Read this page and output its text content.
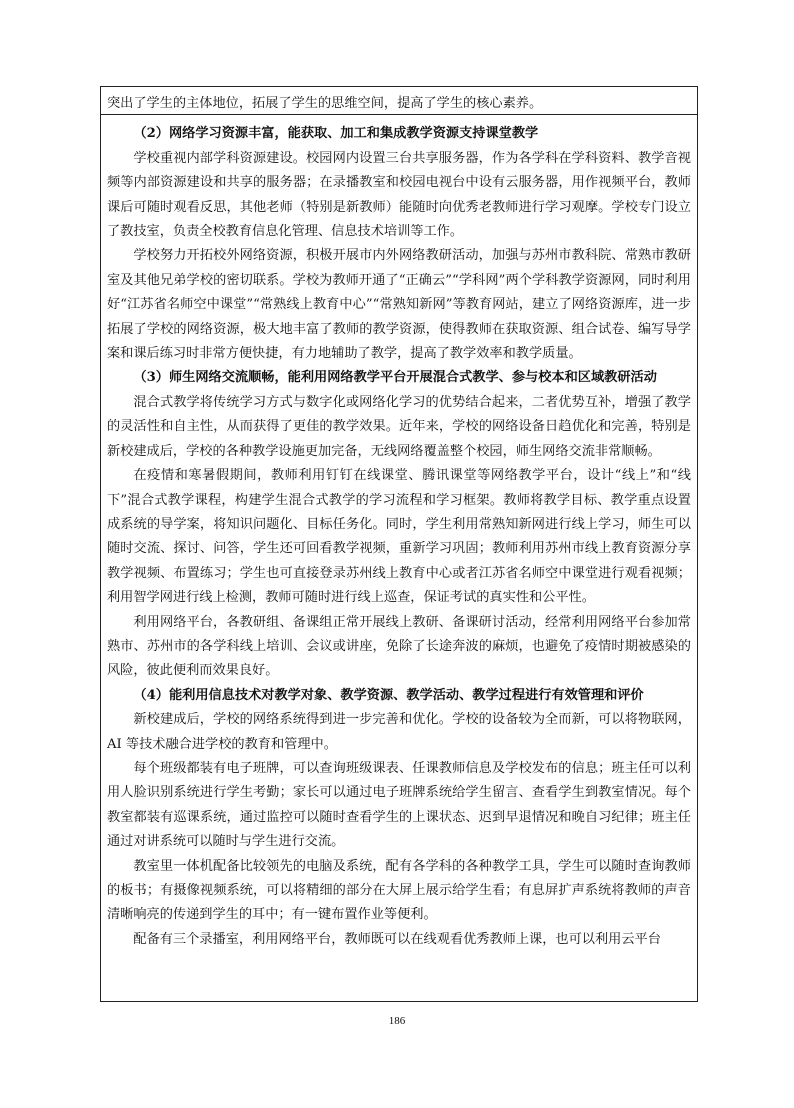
突出了学生的主体地位，拓展了学生的思维空间，提高了学生的核心素养。

（2）网络学习资源丰富，能获取、加工和集成教学资源支持课堂教学

学校重视内部学科资源建设。校园网内设置三台共享服务器，作为各学科在学科资料、教学音视频等内部资源建设和共享的服务器；在录播教室和校园电视台中设有云服务器，用作视频平台，教师课后可随时观看反思，其他老师（特别是新教师）能随时向优秀老教师进行学习观摩。学校专门设立了教技室，负责全校教育信息化管理、信息技术培训等工作。

学校努力开拓校外网络资源，积极开展市内外网络教研活动，加强与苏州市教科院、常熟市教研室及其他兄弟学校的密切联系。学校为教师开通了“正确云”“学科网”两个学科教学资源网，同时利用好“江苏省名师空中课堂”“常熟线上教育中心”“常熟知新网”等教育网站，建立了网络资源库，进一步拓展了学校的网络资源，极大地丰富了教师的教学资源，使得教师在获取资源、组合试卷、编写导学案和课后练习时非常方便快捷，有力地辅助了教学，提高了教学效率和教学质量。

（3）师生网络交流顺畅，能利用网络教学平台开展混合式教学、参与校本和区域教研活动

混合式教学将传统学习方式与数字化或网络化学习的优势结合起来，二者优势互补，增强了教学的灵活性和自主性，从而获得了更佳的教学效果。近年来，学校的网络设备日趋优化和完善，特别是新校建成后，学校的各种教学设施更加完备，无线网络覆盖整个校园，师生网络交流非常顺畅。

在疫情和寒暑假期间，教师利用钉钉在线课堂、腾讯课堂等网络教学平台，设计“线上”和“线下”混合式教学课程，构建学生混合式教学的学习流程和学习框架。教师将教学目标、教学重点设置成系统的导学案，将知识问题化、目标任务化。同时，学生利用常熟知新网进行线上学习，师生可以随时交流、探讨、问答，学生还可回看教学视频，重新学习巩固；教师利用苏州市线上教育资源分享教学视频、布置练习；学生也可直接登录苏州线上教育中心或者江苏省名师空中课堂进行观看视频；利用智学网进行线上检测，教师可随时进行线上巡查，保证考试的真实性和公平性。

利用网络平台，各教研组、备课组正常开展线上教研、备课研讨活动，经常利用网络平台参加常熟市、苏州市的各学科线上培训、会议或讲座，免除了长途奔波的麻烦，也避免了疫情时期被感染的风险，彼此便利而效果良好。

（4）能利用信息技术对教学对象、教学资源、教学活动、教学过程进行有效管理和评价

新校建成后，学校的网络系统得到进一步完善和优化。学校的设备较为全而新，可以将物联网，AI 等技术融合进学校的教育和管理中。

每个班级都装有电子班牌，可以查询班级课表、任课教师信息及学校发布的信息；班主任可以利用人脸识别系统进行学生考勤；家长可以通过电子班牌系统给学生留言、查看学生到教室情况。每个教室都装有巡课系统，通过监控可以随时查看学生的上课状态、迟到早退情况和晚自习纪律；班主任通过对讲系统可以随时与学生进行交流。

教室里一体机配备比较领先的电脑及系统，配有各学科的各种教学工具，学生可以随时查询教师的板书；有摄像视频系统，可以将精细的部分在大屏上展示给学生看；有息屏扩声系统将教师的声音清晰响亮的传递到学生的耳中；有一键布置作业等便利。

配备有三个录播室，利用网络平台，教师既可以在线观看优秀教师上课，也可以利用云平台

186
